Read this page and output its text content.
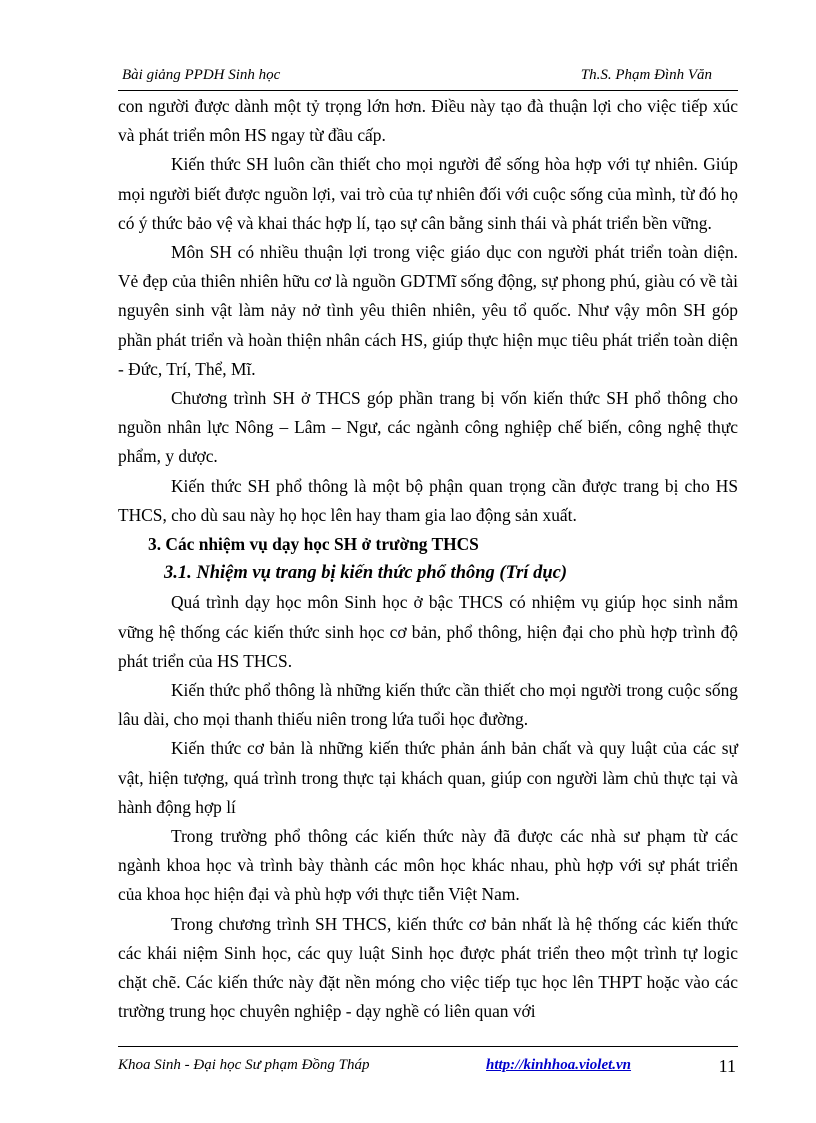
Bài giảng PPDH Sinh học	Th.S. Phạm Đình Văn

con người được dành một tỷ trọng lớn hơn. Điều này tạo đà thuận lợi cho việc tiếp xúc và phát triển môn HS ngay từ đầu cấp.

Kiến thức SH luôn cần thiết cho mọi người để sống hòa hợp với tự nhiên. Giúp mọi người biết được nguồn lợi, vai trò của tự nhiên đối với cuộc sống của mình, từ đó họ có ý thức bảo vệ và khai thác hợp lí, tạo sự cân bằng sinh thái và phát triển bền vững.

Môn SH có nhiều thuận lợi trong việc giáo dục con người phát triển toàn diện. Vẻ đẹp của thiên nhiên hữu cơ là nguồn GDTMĩ sống động, sự phong phú, giàu có về tài nguyên sinh vật làm nảy nở tình yêu thiên nhiên, yêu tổ quốc. Như vậy môn SH góp phần phát triển và hoàn thiện nhân cách HS, giúp thực hiện mục tiêu phát triển toàn diện - Đức, Trí, Thể, Mĩ.

Chương trình SH ở THCS góp phần trang bị vốn kiến thức SH phổ thông cho nguồn nhân lực Nông – Lâm – Ngư, các ngành công nghiệp chế biến, công nghệ thực phẩm, y dược.

Kiến thức SH phổ thông là một bộ phận quan trọng cần được trang bị cho HS THCS, cho dù sau này họ học lên hay tham gia lao động sản xuất.

3. Các nhiệm vụ dạy học SH ở trường THCS
3.1. Nhiệm vụ trang bị kiến thức phổ thông (Trí dục)

Quá trình dạy học môn Sinh học ở bậc THCS có nhiệm vụ giúp học sinh nắm vững hệ thống các kiến thức sinh học cơ bản, phổ thông, hiện đại cho phù hợp trình độ phát triển của HS THCS.

Kiến thức phổ thông là những kiến thức cần thiết cho mọi người trong cuộc sống lâu dài, cho mọi thanh thiếu niên trong lứa tuổi học đường.

Kiến thức cơ bản là những kiến thức phản ánh bản chất và quy luật của các sự vật, hiện tượng, quá trình trong thực tại khách quan, giúp con người làm chủ thực tại và hành động hợp lí

Trong trường phổ thông các kiến thức này đã được các nhà sư phạm từ các ngành khoa học và trình bày thành các môn học khác nhau, phù hợp với sự phát triển của khoa học hiện đại và phù hợp với thực tiễn Việt Nam.

Trong chương trình SH THCS, kiến thức cơ bản nhất là hệ thống các kiến thức các khái niệm Sinh học, các quy luật Sinh học được phát triển theo một trình tự logic chặt chẽ. Các kiến thức này đặt nền móng cho việc tiếp tục học lên THPT hoặc vào các trường trung học chuyên nghiệp - dạy nghề có liên quan với

Khoa Sinh - Đại học Sư phạm Đồng Tháp	http://kinhhoa.violet.vn	11
